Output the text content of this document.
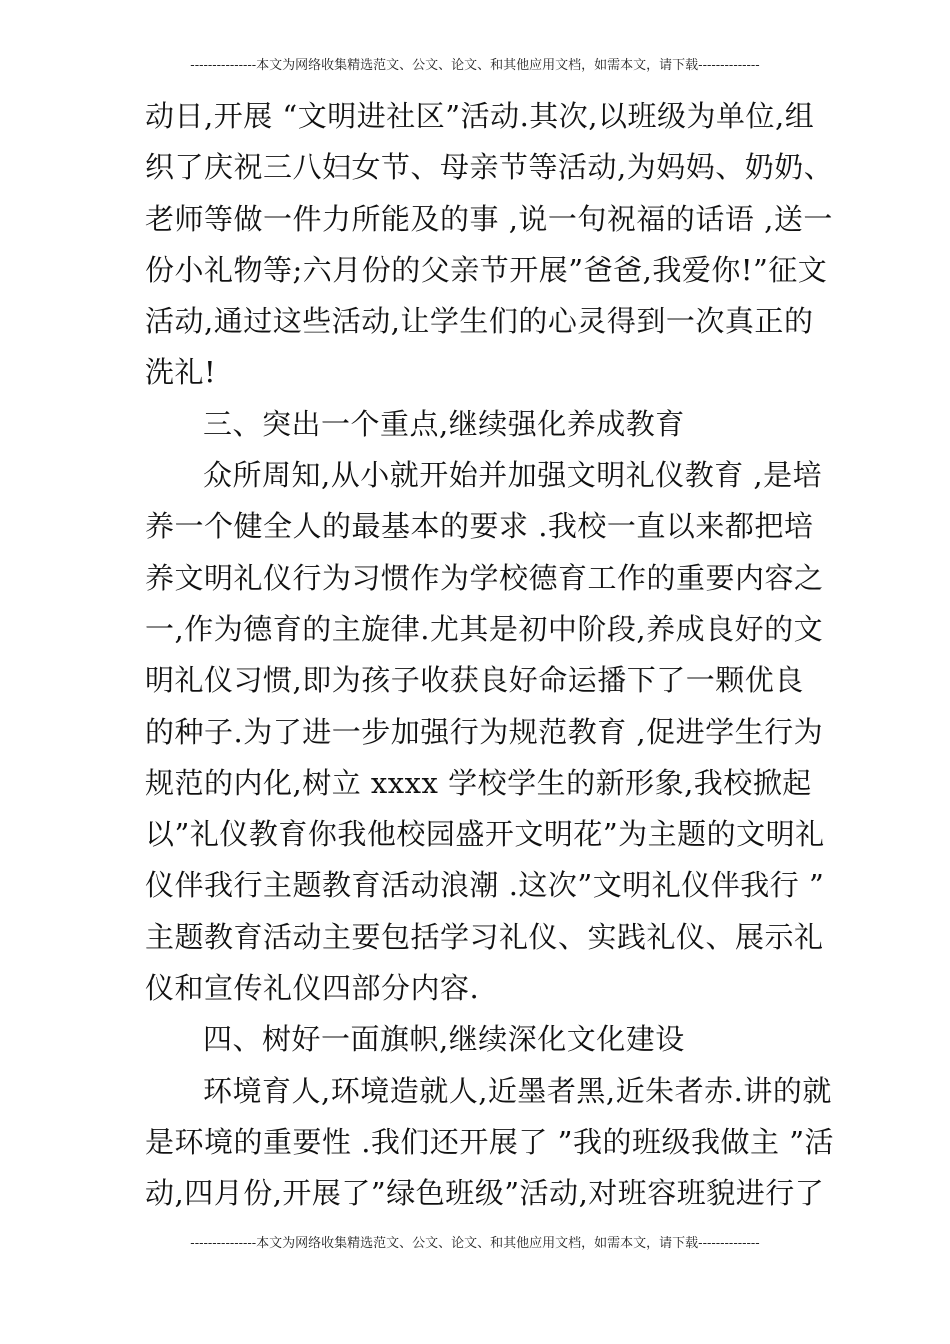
---------------本文为网络收集精选范文、公文、论文、和其他应用文档，如需本文，请下载--------------
动日,开展 “文明进社区”活动.其次,以班级为单位,组
织了庆祝三八妇女节、母亲节等活动,为妈妈、奶奶、
老师等做一件力所能及的事 ,说一句祝福的话语 ,送一
份小礼物等;六月份的父亲节开展”爸爸,我爱你!”征文
活动,通过这些活动,让学生们的心灵得到一次真正的
洗礼!
三、突出一个重点,继续强化养成教育
众所周知,从小就开始并加强文明礼仪教育 ,是培
养一个健全人的最基本的要求 .我校一直以来都把培
养文明礼仪行为习惯作为学校德育工作的重要内容之
一,作为德育的主旋律.尤其是初中阶段,养成良好的文
明礼仪习惯,即为孩子收获良好命运播下了一颗优良
的种子.为了进一步加强行为规范教育 ,促进学生行为
规范的内化,树立 xxxx 学校学生的新形象,我校掀起
以”礼仪教育你我他校园盛开文明花”为主题的文明礼
仪伴我行主题教育活动浪潮 .这次”文明礼仪伴我行 ”
主题教育活动主要包括学习礼仪、实践礼仪、展示礼
仪和宣传礼仪四部分内容.
四、树好一面旗帜,继续深化文化建设
环境育人,环境造就人,近墨者黑,近朱者赤.讲的就
是环境的重要性 .我们还开展了 ”我的班级我做主 ”活
动,四月份,开展了”绿色班级”活动,对班容班貌进行了
---------------本文为网络收集精选范文、公文、论文、和其他应用文档，如需本文，请下载--------------
